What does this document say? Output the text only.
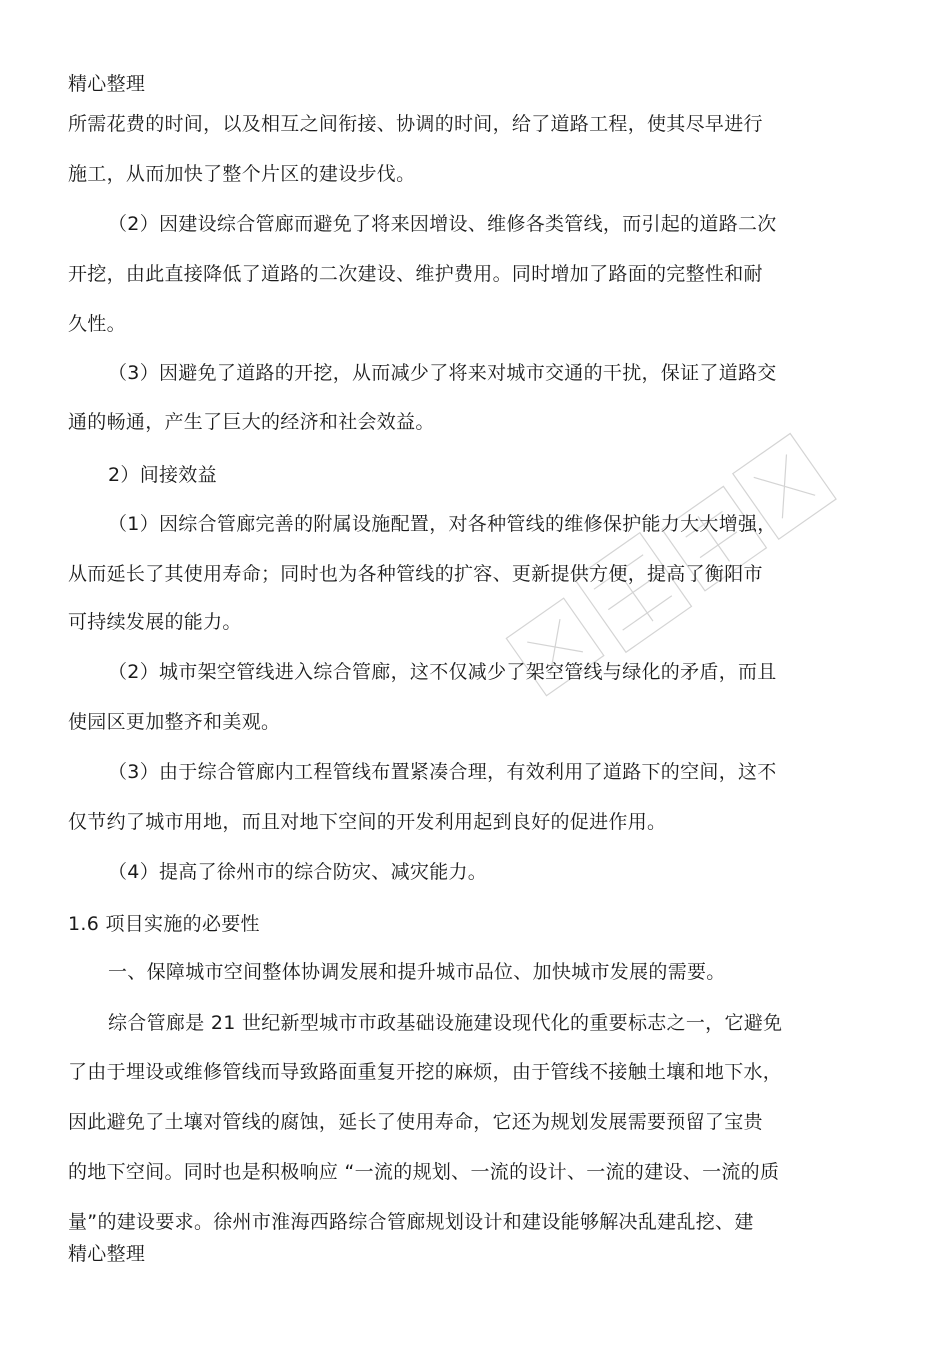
精心整理

所需花费的时间，以及相互之间衔接、协调的时间，给了道路工程，使其尽早进行

施工，从而加快了整个片区的建设步伐。

（2）因建设综合管廊而避免了将来因增设、维修各类管线，而引起的道路二次

开挖，由此直接降低了道路的二次建设、维护费用。同时增加了路面的完整性和耐

久性。

（3）因避免了道路的开挖，从而减少了将来对城市交通的干扰，保证了道路交

通的畅通，产生了巨大的经济和社会效益。

2）间接效益

（1）因综合管廊完善的附属设施配置，对各种管线的维修保护能力大大增强，

从而延长了其使用寿命；同时也为各种管线的扩容、更新提供方便，提高了衡阳市

可持续发展的能力。

（2）城市架空管线进入综合管廊，这不仅减少了架空管线与绿化的矛盾，而且

使园区更加整齐和美观。

（3）由于综合管廊内工程管线布置紧凑合理，有效利用了道路下的空间，这不

仅节约了城市用地，而且对地下空间的开发利用起到良好的促进作用。

（4）提高了徐州市的综合防灾、减灾能力。

1.6 项目实施的必要性

一、保障城市空间整体协调发展和提升城市品位、加快城市发展的需要。

综合管廊是 21 世纪新型城市市政基础设施建设现代化的重要标志之一，它避免

了由于埋设或维修管线而导致路面重复开挖的麻烦，由于管线不接触土壤和地下水，

因此避免了土壤对管线的腐蚀，延长了使用寿命，它还为规划发展需要预留了宝贵

的地下空间。同时也是积极响应 “一流的规划、一流的设计、一流的建设、一流的质

量”的建设要求。徐州市淮海西路综合管廊规划设计和建设能够解决乱建乱挖、建

精心整理
